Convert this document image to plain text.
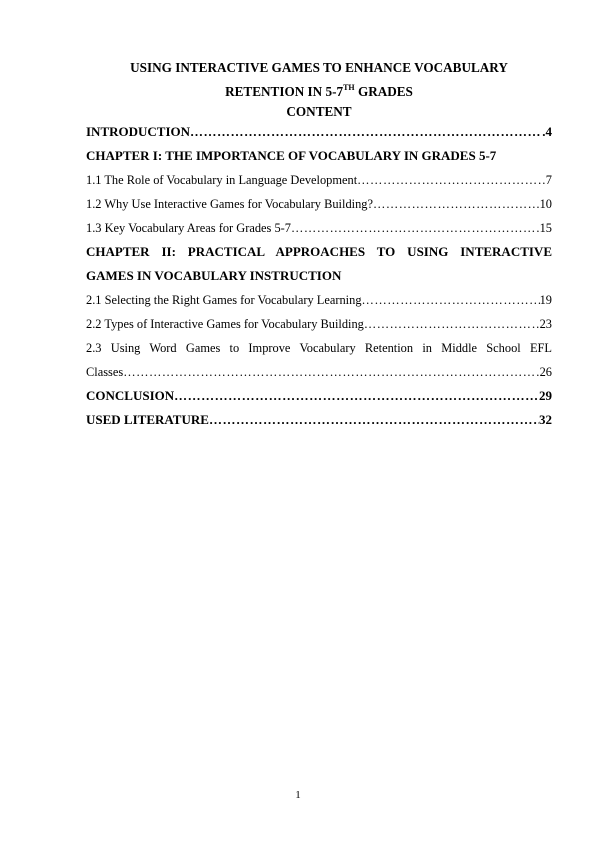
USING INTERACTIVE GAMES TO ENHANCE VOCABULARY
RETENTION IN 5-7TH GRADES
CONTENT
INTRODUCTION ………………………………………………………………………………………………………………………………………………………………………………………………………………	.4
CHAPTER I: THE IMPORTANCE OF VOCABULARY IN GRADES 5-7
1.1 The Role of Vocabulary in Language Development ………………………………………………………………………………………………………………………………………………………………………………………………………………	7
1.2 Why Use Interactive Games for Vocabulary Building? ………………………………………………………………………………………………………………………………………………………………………………………………………………	10
1.3 Key Vocabulary Areas for Grades 5-7 ………………………………………………………………………………………………………………………………………………………………………………………………………………	15
CHAPTER II: PRACTICAL APPROACHES TO USING INTERACTIVE
GAMES IN VOCABULARY INSTRUCTION
2.1 Selecting the Right Games for Vocabulary Learning ………………………………………………………………………………………………………………………………………………………………………………………………………………	19
2.2 Types of Interactive Games for Vocabulary Building ………………………………………………………………………………………………………………………………………………………………………………………………………………	23
2.3 Using Word Games to Improve Vocabulary Retention in Middle School EFL
Classes ………………………………………………………………………………………………………………………………………………………………………………………………………………	26
CONCLUSION ………………………………………………………………………………………………………………………………………………………………………………………………………………	29
USED LITERATURE ………………………………………………………………………………………………………………………………………………………………………………………………………………	32
1
